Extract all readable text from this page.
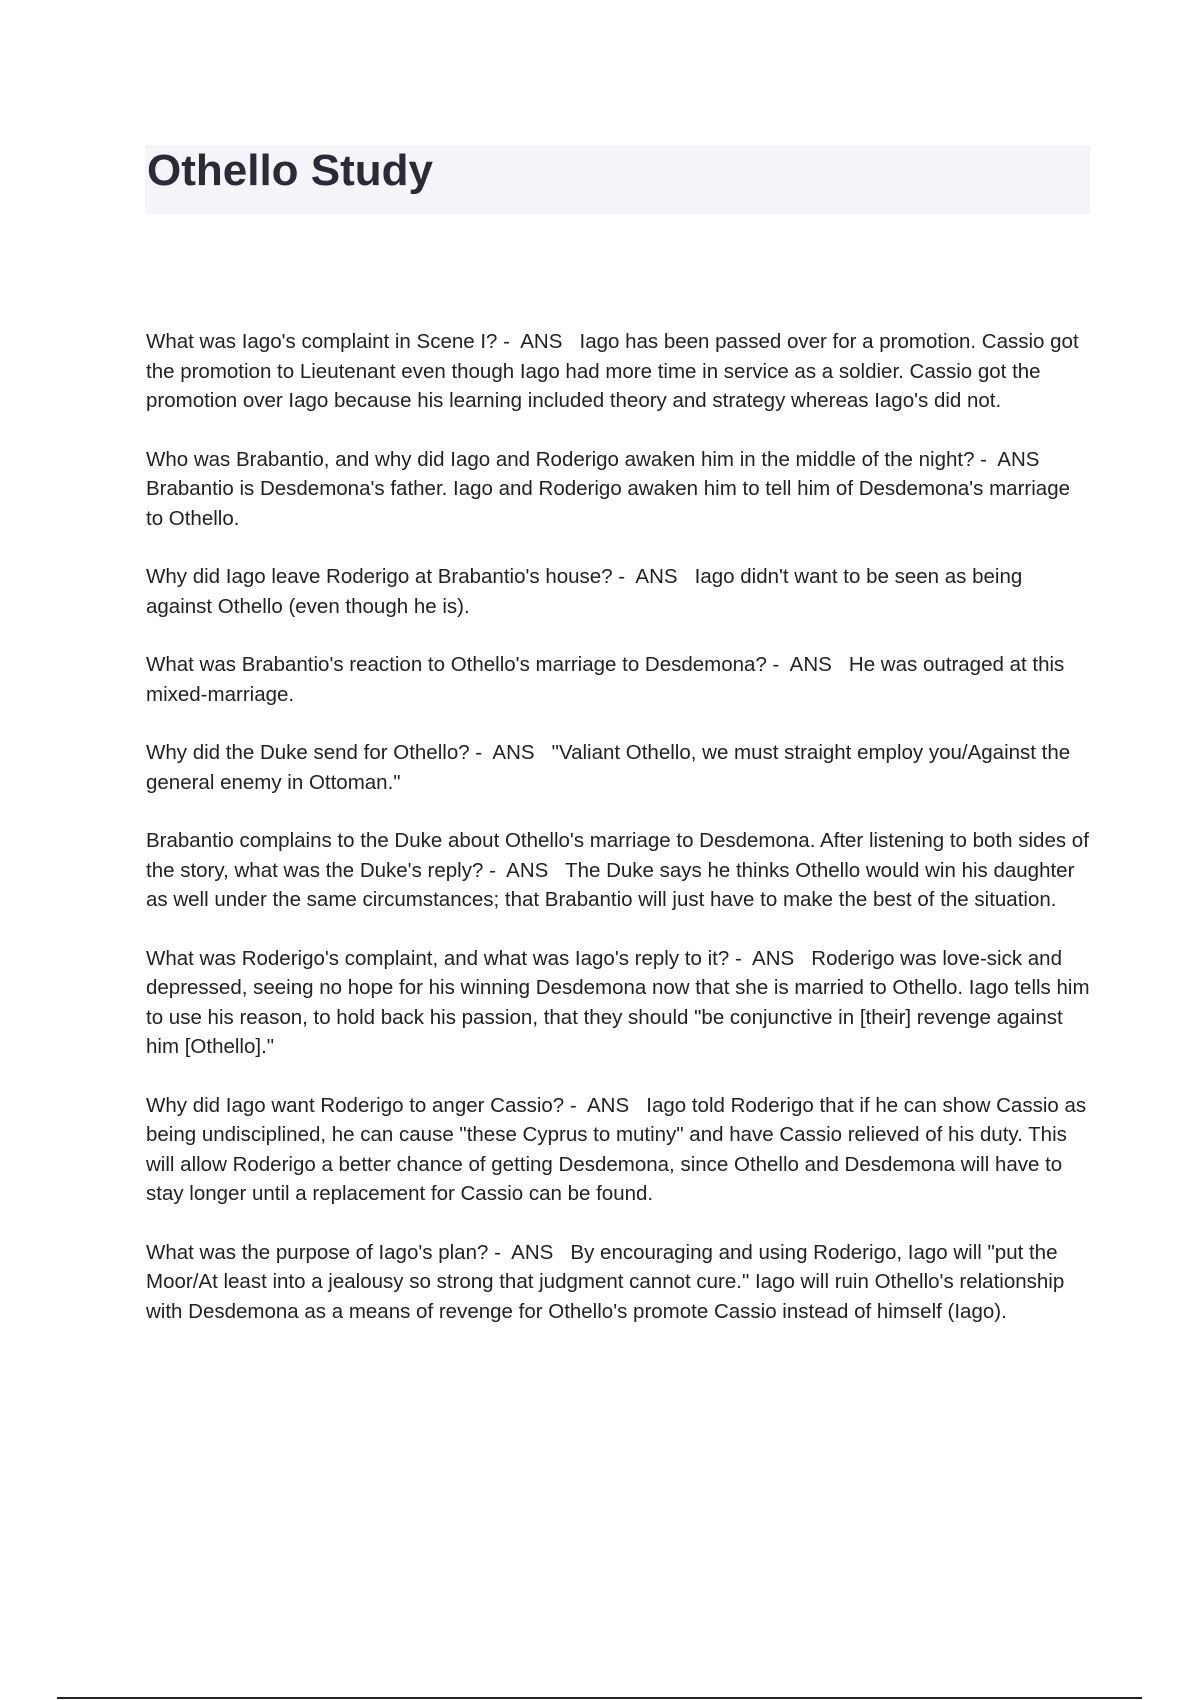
Othello Study

What was Iago's complaint in Scene I? - ANS Iago has been passed over for a promotion. Cassio got the promotion to Lieutenant even though Iago had more time in service as a soldier. Cassio got the promotion over Iago because his learning included theory and strategy whereas Iago's did not.

Who was Brabantio, and why did Iago and Roderigo awaken him in the middle of the night? - ANS   Brabantio is Desdemona's father. Iago and Roderigo awaken him to tell him of Desdemona's marriage to Othello.

Why did Iago leave Roderigo at Brabantio's house? - ANS Iago didn't want to be seen as being against Othello (even though he is).

What was Brabantio's reaction to Othello's marriage to Desdemona? - ANS He was outraged at this mixed-marriage.

Why did the Duke send for Othello? - ANS "Valiant Othello, we must straight employ you/Against the general enemy in Ottoman."

Brabantio complains to the Duke about Othello's marriage to Desdemona. After listening to both sides of the story, what was the Duke's reply? - ANS The Duke says he thinks Othello would win his daughter as well under the same circumstances; that Brabantio will just have to make the best of the situation.

What was Roderigo's complaint, and what was Iago's reply to it? - ANS Roderigo was love-sick and depressed, seeing no hope for his winning Desdemona now that she is married to Othello. Iago tells him to use his reason, to hold back his passion, that they should "be conjunctive in [their] revenge against him [Othello]."

Why did Iago want Roderigo to anger Cassio? - ANS Iago told Roderigo that if he can show Cassio as being undisciplined, he can cause "these Cyprus to mutiny" and have Cassio relieved of his duty. This will allow Roderigo a better chance of getting Desdemona, since Othello and Desdemona will have to stay longer until a replacement for Cassio can be found.

What was the purpose of Iago's plan? - ANS By encouraging and using Roderigo, Iago will "put the Moor/At least into a jealousy so strong that judgment cannot cure." Iago will ruin Othello's relationship with Desdemona as a means of revenge for Othello's promote Cassio instead of himself (Iago).
